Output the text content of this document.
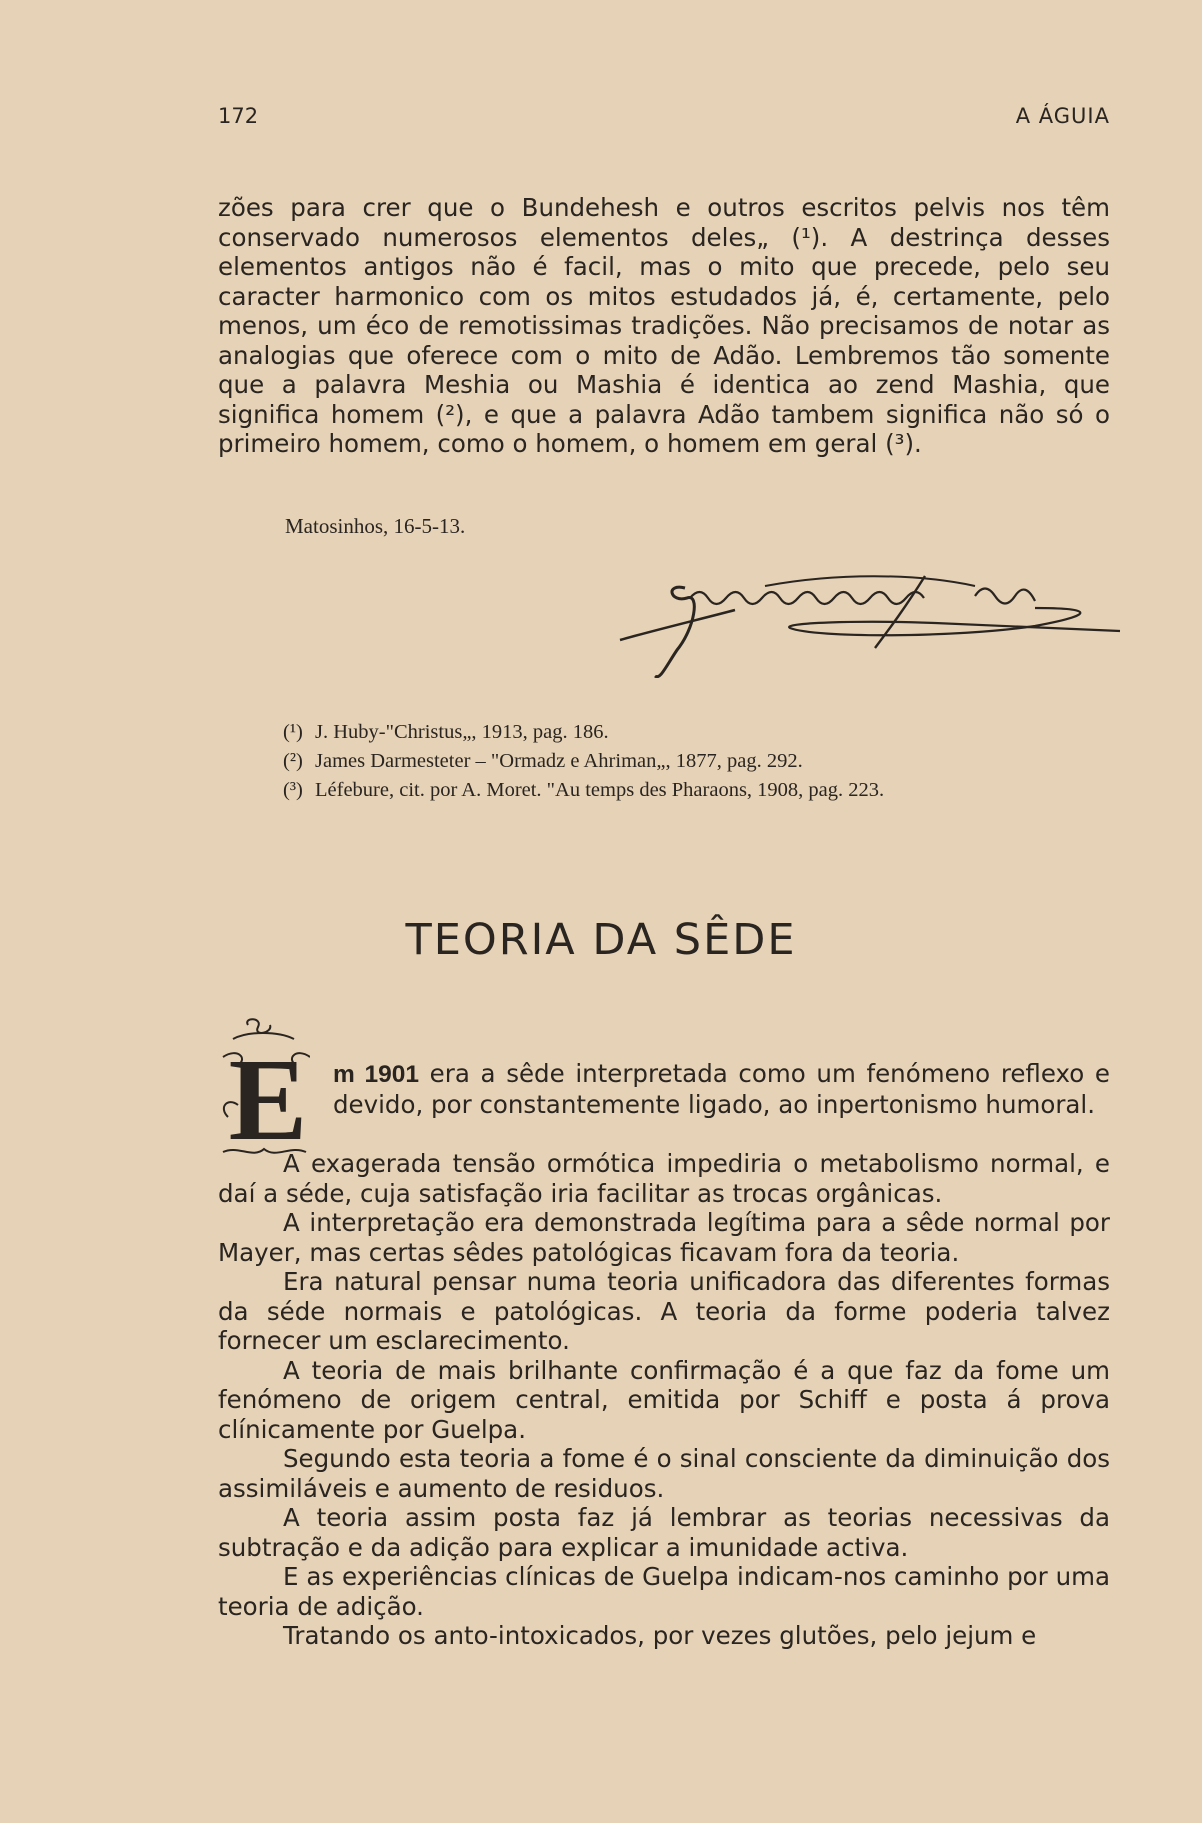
172	A ÁGUIA

zões para crer que o Bundehesh e outros escritos pelvis nos têm conservado numerosos elementos deles„ (¹). A destrinça desses elementos antigos não é facil, mas o mito que precede, pelo seu caracter harmonico com os mitos estudados já, é, certamente, pelo menos, um éco de remotissimas tradições. Não precisamos de notar as analogias que oferece com o mito de Adão. Lembremos tão somente que a palavra Meshia ou Mashia é identica ao zend Mashia, que significa homem (²), e que a palavra Adão tambem significa não só o primeiro homem, como o homem, o homem em geral (³).

Matosinhos, 16-5-13.
(¹) J. Huby-"Christus„, 1913, pag. 186.
(²) James Darmesteter – "Ormadz e Ahriman„, 1877, pag. 292.
(³) Léfebure, cit. por A. Moret. "Au temps des Pharaons, 1908, pag. 223.
TEORIA DA SÊDE
E m 1901 era a sêde interpretada como um fenómeno reflexo e devido, por constantemente ligado, ao inpertonismo humoral.

A exagerada tensão ormótica impediria o metabolismo normal, e daí a séde, cuja satisfação iria facilitar as trocas orgânicas.

A interpretação era demonstrada legítima para a sêde normal por Mayer, mas certas sêdes patológicas ficavam fora da teoria.

Era natural pensar numa teoria unificadora das diferentes formas da séde normais e patológicas. A teoria da forme poderia talvez fornecer um esclarecimento.

A teoria de mais brilhante confirmação é a que faz da fome um fenómeno de origem central, emitida por Schiff e posta á prova clínicamente por Guelpa.

Segundo esta teoria a fome é o sinal consciente da diminuição dos assimiláveis e aumento de residuos.

A teoria assim posta faz já lembrar as teorias necessivas da subtração e da adição para explicar a imunidade activa.

E as experiências clínicas de Guelpa indicam-nos caminho por uma teoria de adição.

Tratando os anto-intoxicados, por vezes glutões, pelo jejum e
